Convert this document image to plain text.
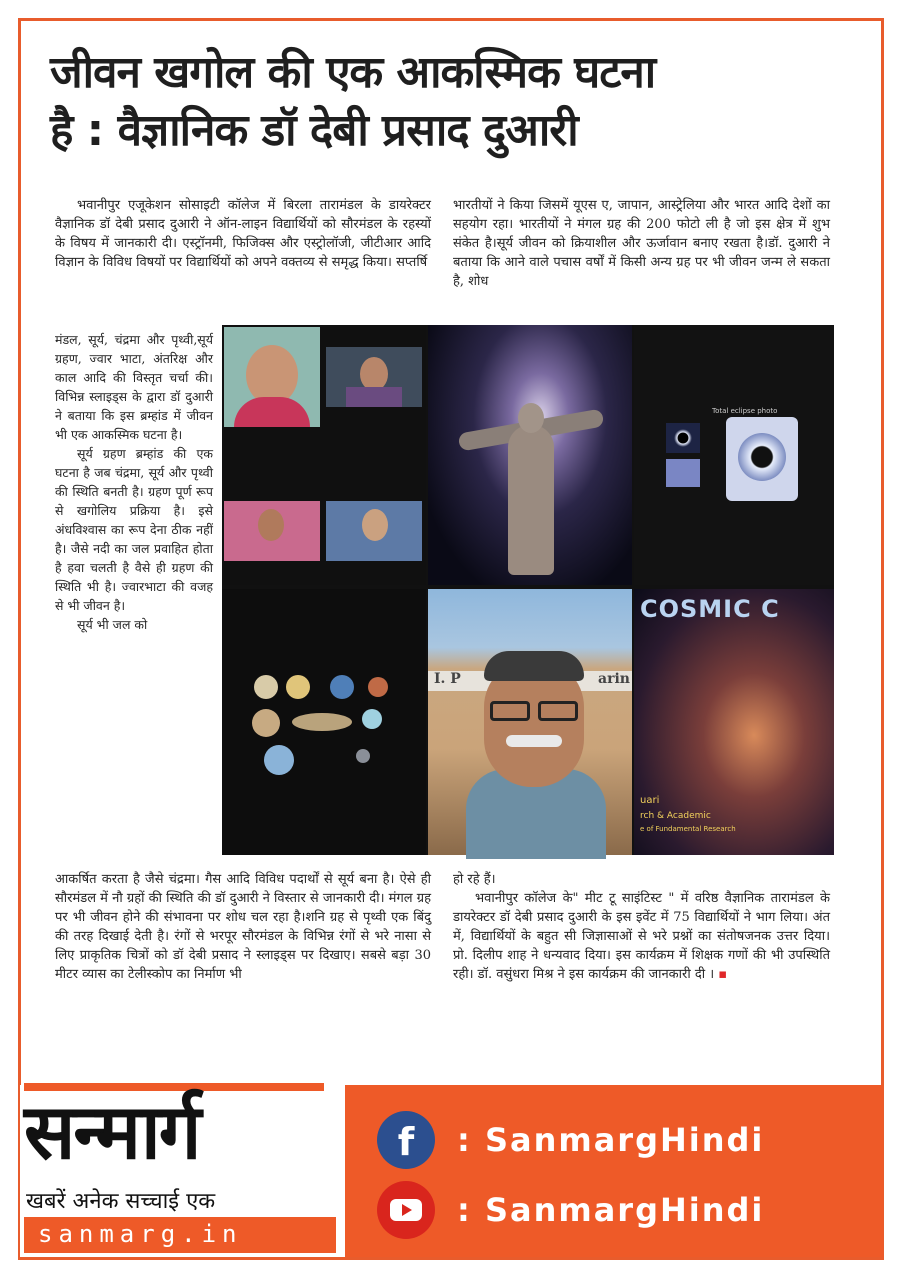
जीवन खगोल की एक आकस्मिक घटना
है : वैज्ञानिक डॉ देबी प्रसाद दुआरी

भवानीपुर एजूकेशन सोसाइटी कॉलेज में बिरला तारामंडल के डायरेक्टर वैज्ञानिक डॉ देबी प्रसाद दुआरी ने ऑन-लाइन विद्यार्थियों को सौरमंडल के रहस्यों के विषय में जानकारी दी। एस्ट्रॉनमी, फिजिक्स और एस्ट्रोलॉजी, जीटीआर आदि विज्ञान के विविध विषयों पर विद्यार्थियों को अपने वक्तव्य से समृद्ध किया। सप्तर्षि

भारतीयों ने किया जिसमें यूएस ए, जापान, आस्ट्रेलिया और भारत आदि देशों का सहयोग रहा। भारतीयों ने मंगल ग्रह की 200 फोटो ली है जो इस क्षेत्र में शुभ संकेत है।सूर्य जीवन को क्रियाशील और ऊर्जावान बनाए रखता है।डॉ. दुआरी ने बताया कि आने वाले पचास वर्षों में किसी अन्य ग्रह पर भी जीवन जन्म ले सकता है, शोध

मंडल, सूर्य, चंद्रमा और पृथ्वी,सूर्य ग्रहण, ज्वार भाटा, अंतरिक्ष और काल आदि की विस्तृत चर्चा की। विभिन्न स्लाइड्स के द्वारा डॉ दुआरी ने बताया कि इस ब्रम्हांड में जीवन भी एक आकस्मिक घटना है।

सूर्य ग्रहण ब्रम्हांड की एक घटना है जब चंद्रमा, सूर्य और पृथ्वी की स्थिति बनती है। ग्रहण पूर्ण रूप से खगोलिय प्रक्रिया है। इसे अंधविश्वास का रूप देना ठीक नहीं है। जैसे नदी का जल प्रवाहित होता है हवा चलती है वैसे ही ग्रहण की स्थिति भी है। ज्वारभाटा की वजह से भी जीवन है।

सूर्य भी जल को

आकर्षित करता है जैसे चंद्रमा। गैस आदि विविध पदार्थों से सूर्य बना है। ऐसे ही सौरमंडल में नौ ग्रहों की स्थिति की डॉ दुआरी ने विस्तार से जानकारी दी। मंगल ग्रह पर भी जीवन होने की संभावना पर शोध चल रहा है।शनि ग्रह से पृथ्वी एक बिंदु की तरह दिखाई देती है। रंगों से भरपूर सौरमंडल के विभिन्न रंगों से भरे नासा से लिए प्राकृतिक चित्रों को डॉ देबी प्रसाद ने स्लाइड्स पर दिखाए। सबसे बड़ा 30 मीटर व्यास का टेलीस्कोप का निर्माण भी

हो रहे हैं।

भवानीपुर कॉलेज के" मीट टू साइंटिस्ट " में वरिष्ठ वैज्ञानिक तारामंडल के डायरेक्टर डॉ देबी प्रसाद दुआरी के इस इवेंट में 75 विद्यार्थियों ने भाग लिया। अंत में, विद्यार्थियों के बहुत सी जिज्ञासाओं से भरे प्रश्नों का संतोषजनक उत्तर दिया। प्रो. दिलीप शाह ने धन्यवाद दिया। इस कार्यक्रम में शिक्षक गणों की भी उपस्थिति रही। डॉ. वसुंधरा मिश्र ने इस कार्यक्रम की जानकारी दी । ▪

Total eclipse photo
I. P	arin
COSMIC C
uari
rch & Academic
e of Fundamental Research
सन्मार्ग
खबरें अनेक सच्चाई एक
sanmarg.in
f : SanmargHindi
: SanmargHindi
